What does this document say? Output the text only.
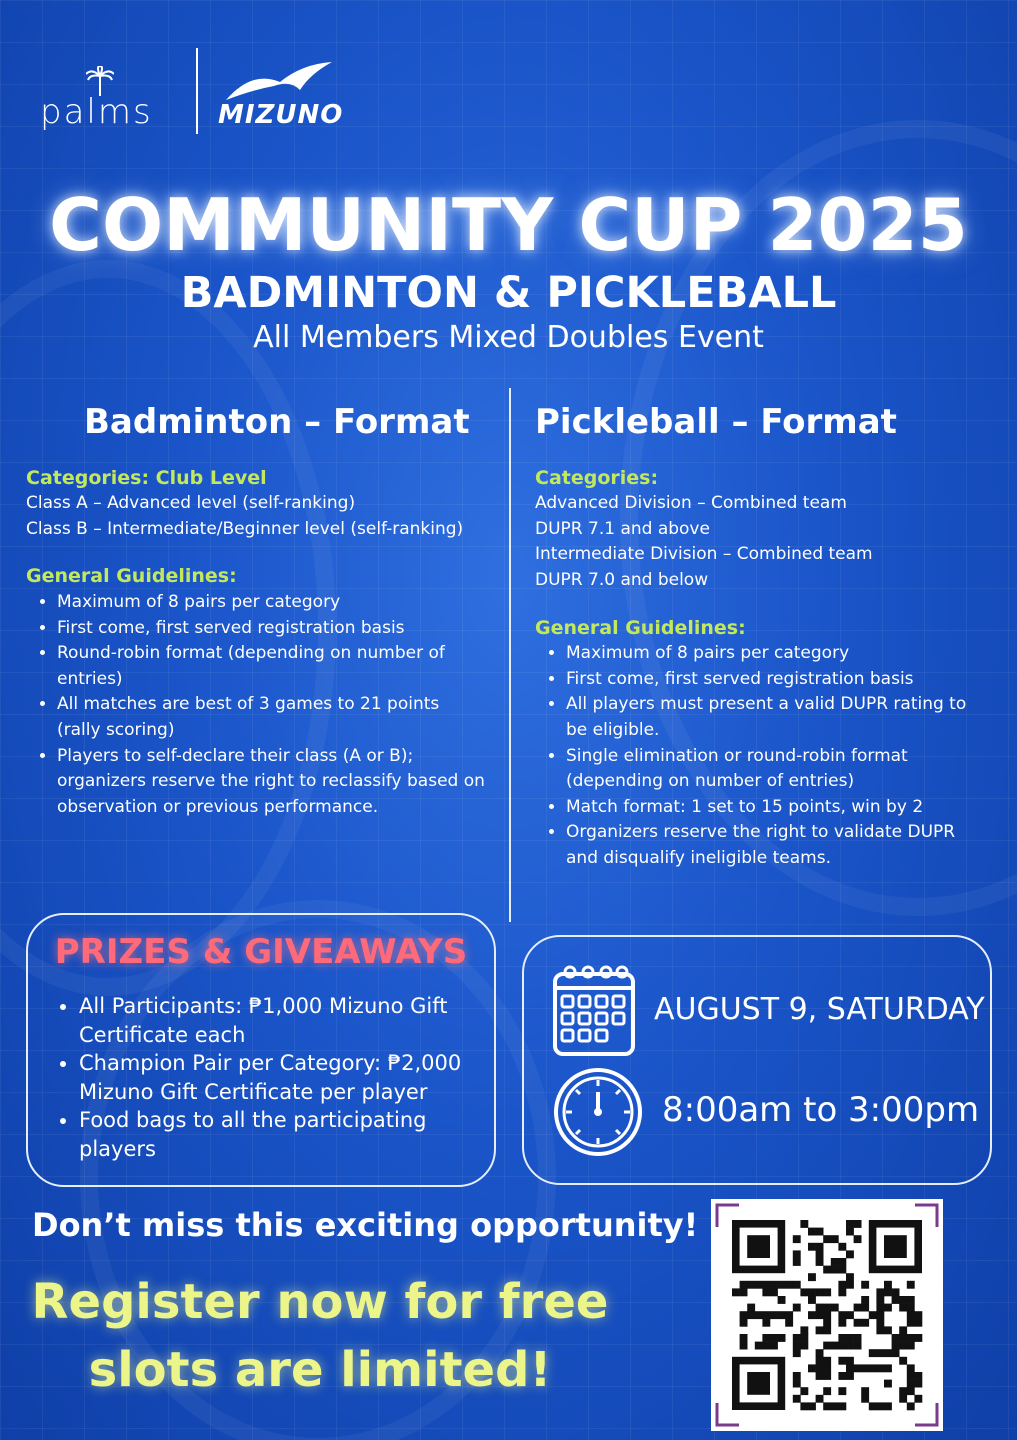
palms	MIZUNO
COMMUNITY CUP 2025
BADMINTON & PICKLEBALL
All Members Mixed Doubles Event
Badminton – Format
Categories: Club Level
Class A – Advanced level (self-ranking)
Class B – Intermediate/Beginner level (self-ranking)
General Guidelines:
• Maximum of 8 pairs per category
• First come, first served registration basis
• Round-robin format (depending on number of entries)
• All matches are best of 3 games to 21 points (rally scoring)
• Players to self-declare their class (A or B); organizers reserve the right to reclassify based on observation or previous performance.
Pickleball – Format
Categories:
Advanced Division – Combined team
DUPR 7.1 and above
Intermediate Division – Combined team
DUPR 7.0 and below
General Guidelines:
• Maximum of 8 pairs per category
• First come, first served registration basis
• All players must present a valid DUPR rating to be eligible.
• Single elimination or round-robin format (depending on number of entries)
• Match format: 1 set to 15 points, win by 2
• Organizers reserve the right to validate DUPR and disqualify ineligible teams.
PRIZES & GIVEAWAYS
• All Participants: ₱1,000 Mizuno Gift Certificate each
• Champion Pair per Category: ₱2,000 Mizuno Gift Certificate per player
• Food bags to all the participating players
AUGUST 9, SATURDAY
8:00am to 3:00pm
Don’t miss this exciting opportunity!
Register now for free
slots are limited!
